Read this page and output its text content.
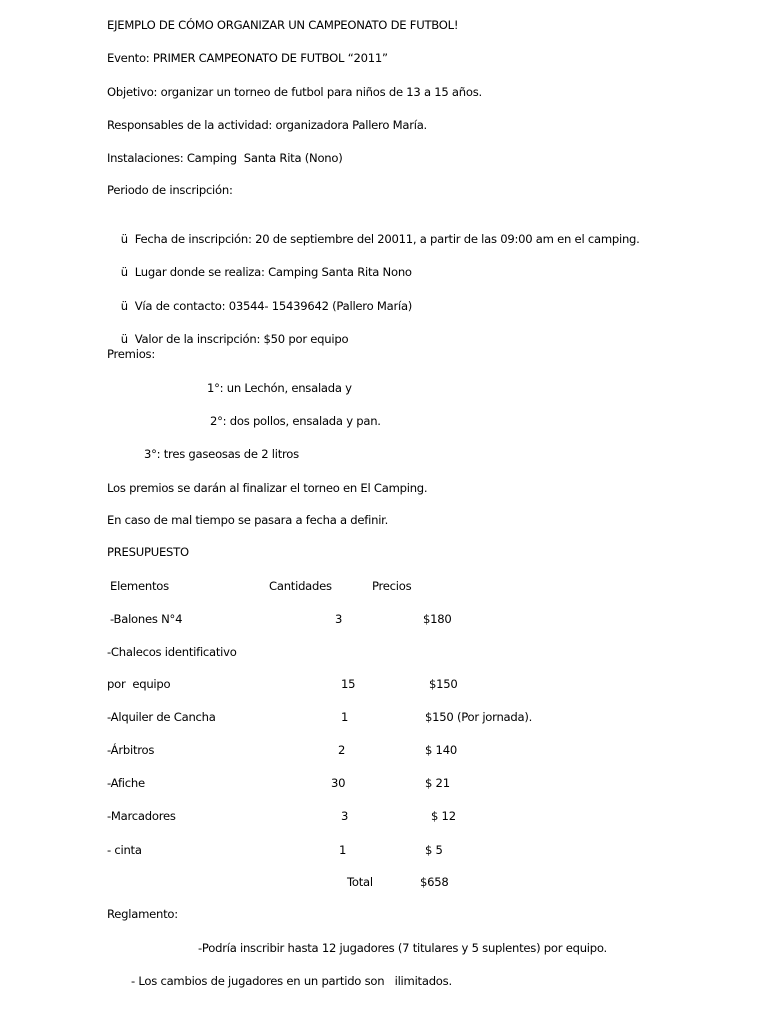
EJEMPLO DE CÓMO ORGANIZAR UN CAMPEONATO DE FUTBOL!
Evento: PRIMER CAMPEONATO DE FUTBOL “2011”
Objetivo: organizar un torneo de futbol para niños de 13 a 15 años.
Responsables de la actividad: organizadora Pallero María.
Instalaciones: Camping  Santa Rita (Nono)
Periodo de inscripción:

ü Fecha de inscripción: 20 de septiembre del 20011, a partir de las 09:00 am en el camping.

ü Lugar donde se realiza: Camping Santa Rita Nono

ü Vía de contacto: 03544- 15439642 (Pallero María)

ü Valor de la inscripción: $50 por equipo

Premios:
1°: un Lechón, ensalada y
2°: dos pollos, ensalada y pan.
3°: tres gaseosas de 2 litros
Los premios se darán al finalizar el torneo en El Camping.
En caso de mal tiempo se pasara a fecha a definir.
PRESUPUESTO
Elementos	Cantidades	Precios
-Balones N°4	3	$180
-Chalecos identificativo
por  equipo	15	$150
-Alquiler de Cancha	1	$150 (Por jornada).
-Árbitros	2	$ 140
-Afiche	30	$ 21
-Marcadores	3	$ 12
- cinta	1	$ 5
Total	$658
Reglamento:
-Podría inscribir hasta 12 jugadores (7 titulares y 5 suplentes) por equipo.
- Los cambios de jugadores en un partido son   ilimitados.
